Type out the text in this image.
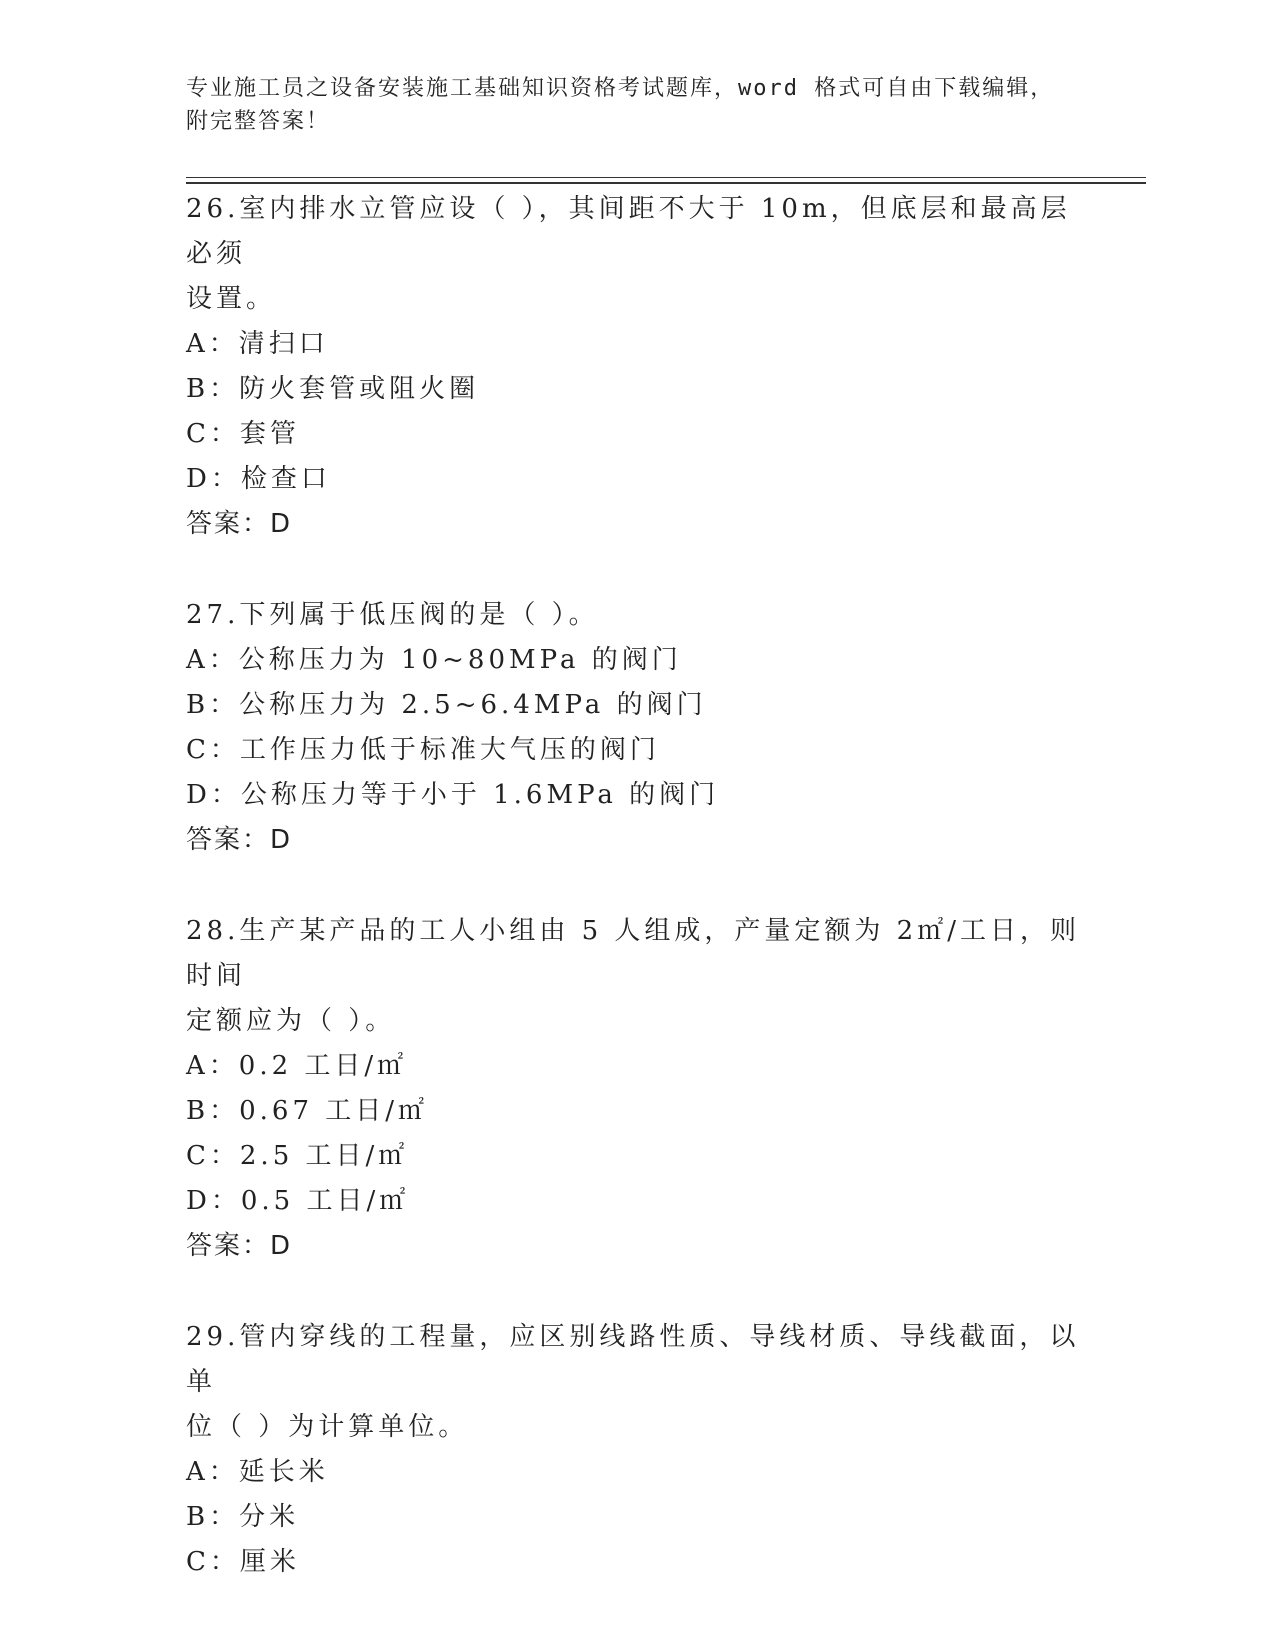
专业施工员之设备安装施工基础知识资格考试题库，word 格式可自由下载编辑，
附完整答案！
26.室内排水立管应设（ ），其间距不大于 10m，但底层和最高层必须
设置。
A：清扫口
B：防火套管或阻火圈
C：套管
D：检查口
答案：D
27.下列属于低压阀的是（ ）。
A：公称压力为 10~80MPa 的阀门
B：公称压力为 2.5~6.4MPa 的阀门
C：工作压力低于标准大气压的阀门
D：公称压力等于小于 1.6MPa 的阀门
答案：D
28.生产某产品的工人小组由 5 人组成，产量定额为 2㎡/工日，则时间
定额应为（ ）。
A：0.2 工日/㎡
B：0.67 工日/㎡
C：2.5 工日/㎡
D：0.5 工日/㎡
答案：D
29.管内穿线的工程量，应区别线路性质、导线材质、导线截面，以单
位（ ）为计算单位。
A：延长米
B：分米
C：厘米
